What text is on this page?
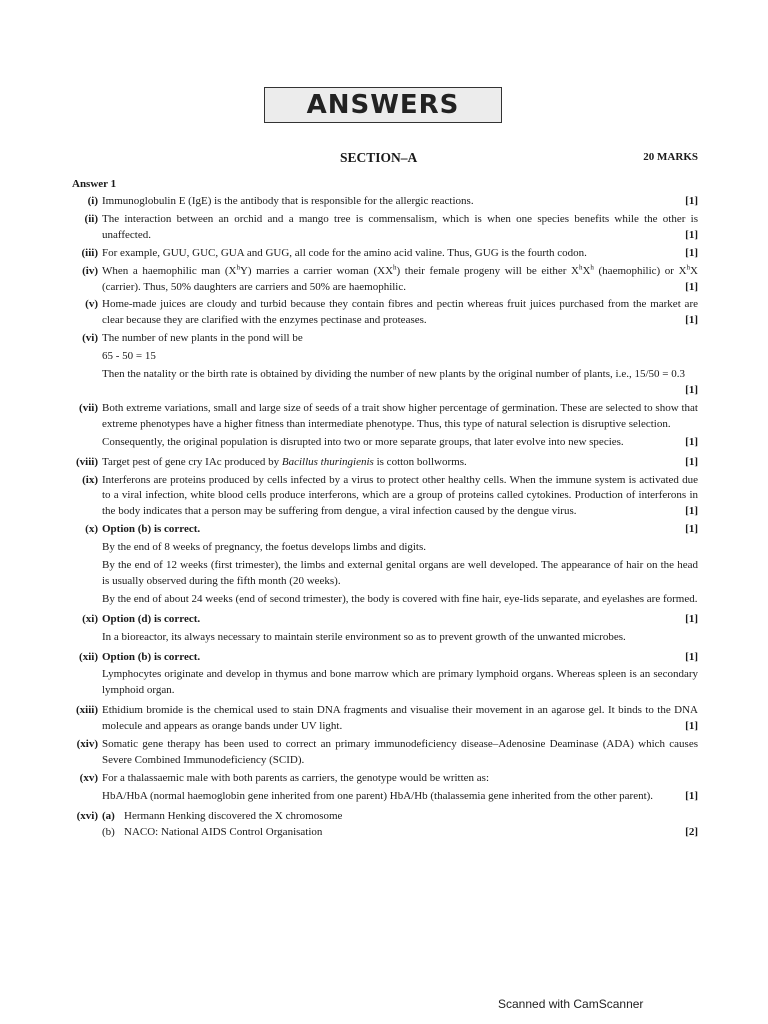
ANSWERS
SECTION–A	20 MARKS
Answer 1
(i)	[1]
Immunoglobulin E (IgE) is the antibody that is responsible for the allergic reactions.
(ii) The interaction between an orchid and a mango tree is commensalism, which is when one species benefits while the other is unaffected.	[1]
(iii)	[1]
For example, GUU, GUC, GUA and GUG, all code for the amino acid valine. Thus, GUG is the fourth codon.
(iv) When a haemophilic man $(X^hY)$ marries a carrier woman $(XX^h)$ their female progeny will be either $X^hX^h$ (haemophilic) or $X^hX$ (carrier). Thus, 50% daughters are carriers and 50% are haemophilic.	[1]
(v) Home-made juices are cloudy and turbid because they contain fibres and pectin whereas fruit juices purchased from the market are clear because they are clarified with the enzymes pectinase and proteases.	[1]
(vi) The number of new plants in the pond will be
65 - 50 = 15
Then the natality or the birth rate is obtained by dividing the number of new plants by the original number of plants, i.e., 15/50 = 0.3
[1]
(vii) Both extreme variations, small and large size of seeds of a trait show higher percentage of germination. These are selected to show that extreme phenotypes have a higher fitness than intermediate phenotype. Thus, this type of natural selection is disruptive selection.
Consequently, the original population is disrupted into two or more separate groups, that later evolve into new species.	[1]
(viii)	[1]
Target pest of gene cry IAc produced by Bacillus thuringienis is cotton bollworms.
(ix) Interferons are proteins produced by cells infected by a virus to protect other healthy cells. When the immune system is activated due to a viral infection, white blood cells produce interferons, which are a group of proteins called cytokines. Production of interferons in the body indicates that a person may be suffering from dengue, a viral infection caused by the dengue virus.	[1]
(x)	[1]
Option (b) is correct.
By the end of 8 weeks of pregnancy, the foetus develops limbs and digits.
By the end of 12 weeks (first trimester), the limbs and external genital organs are well developed. The appearance of hair on the head is usually observed during the fifth month (20 weeks).
By the end of about 24 weeks (end of second trimester), the body is covered with fine hair, eye-lids separate, and eyelashes are formed.
(xi)	[1]
Option (d) is correct.
In a bioreactor, its always necessary to maintain sterile environment so as to prevent growth of the unwanted microbes.
(xii)	[1]
Option (b) is correct.
Lymphocytes originate and develop in thymus and bone marrow which are primary lymphoid organs. Whereas spleen is an secondary lymphoid organ.
(xiii) Ethidium bromide is the chemical used to stain DNA fragments and visualise their movement in an agarose gel. It binds to the DNA molecule and appears as orange bands under UV light.	[1]
(xiv) Somatic gene therapy has been used to correct an primary immunodeficiency disease–Adenosine Deaminase (ADA) which causes Severe Combined Immunodeficiency (SCID).
(xv) For a thalassaemic male with both parents as carriers, the genotype would be written as:
HbA/HbA (normal haemoglobin gene inherited from one parent) HbA/Hb (thalassemia gene inherited from the other parent).	[1]
(xvi) (a) Hermann Henking discovered the X chromosome
(b) NACO: National AIDS Control Organisation	[2]
Scanned with CamScanner
